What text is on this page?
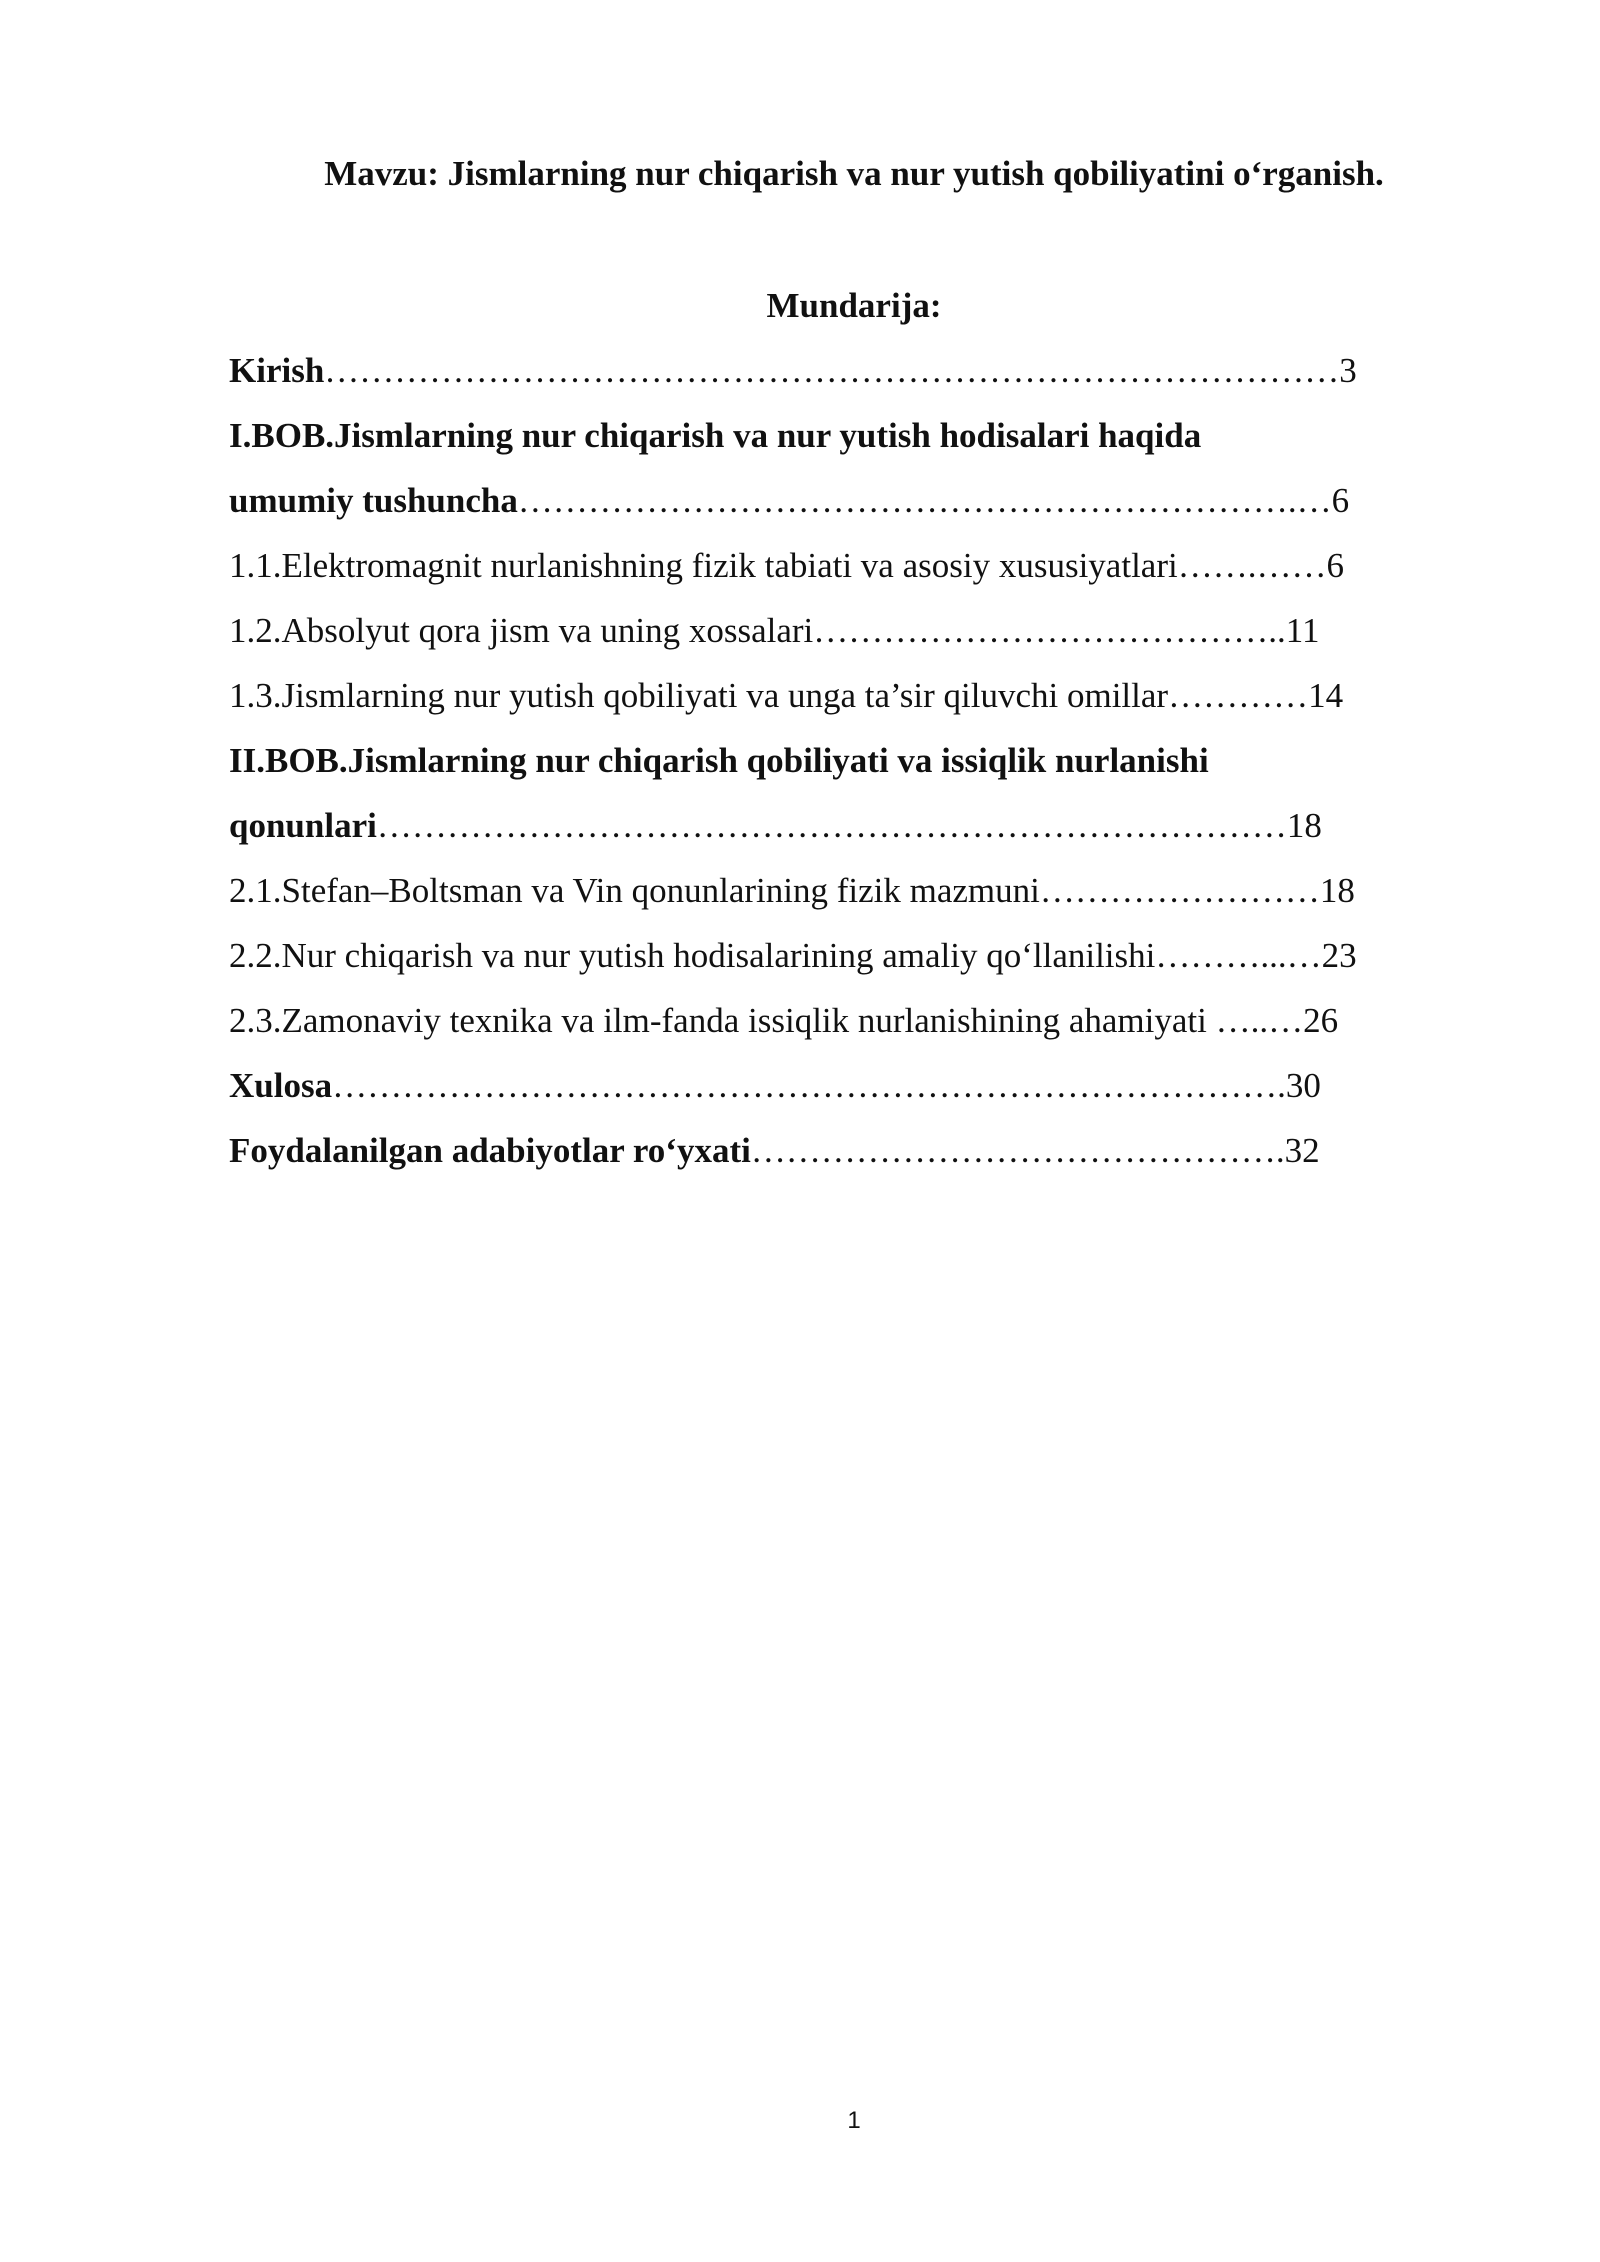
Mavzu: Jismlarning nur chiqarish va nur yutish qobiliyatini o‘rganish.
Mundarija:
Kirish……………………………………………………………………………3
I.BOB.Jismlarning nur chiqarish va nur yutish hodisalari haqida
umumiy tushuncha………………………………………………………….…6
1.1.Elektromagnit nurlanishning fizik tabiati va asosiy xususiyatlari…….……6
1.2.Absolyut qora jism va uning xossalari…………………………………..11
1.3.Jismlarning nur yutish qobiliyati va unga ta’sir qiluvchi omillar…………14
II.BOB.Jismlarning nur chiqarish qobiliyati va issiqlik nurlanishi
qonunlari……………………………………………………………………18
2.1.Stefan–Boltsman va Vin qonunlarining fizik mazmuni……………………18
2.2.Nur chiqarish va nur yutish hodisalarining amaliy qo‘llanilishi………...…23
2.3.Zamonaviy texnika va ilm-fanda issiqlik nurlanishining ahamiyati …..…26
Xulosa……………………………………………………………………….30
Foydalanilgan adabiyotlar ro‘yxati……………………………………….32
1
